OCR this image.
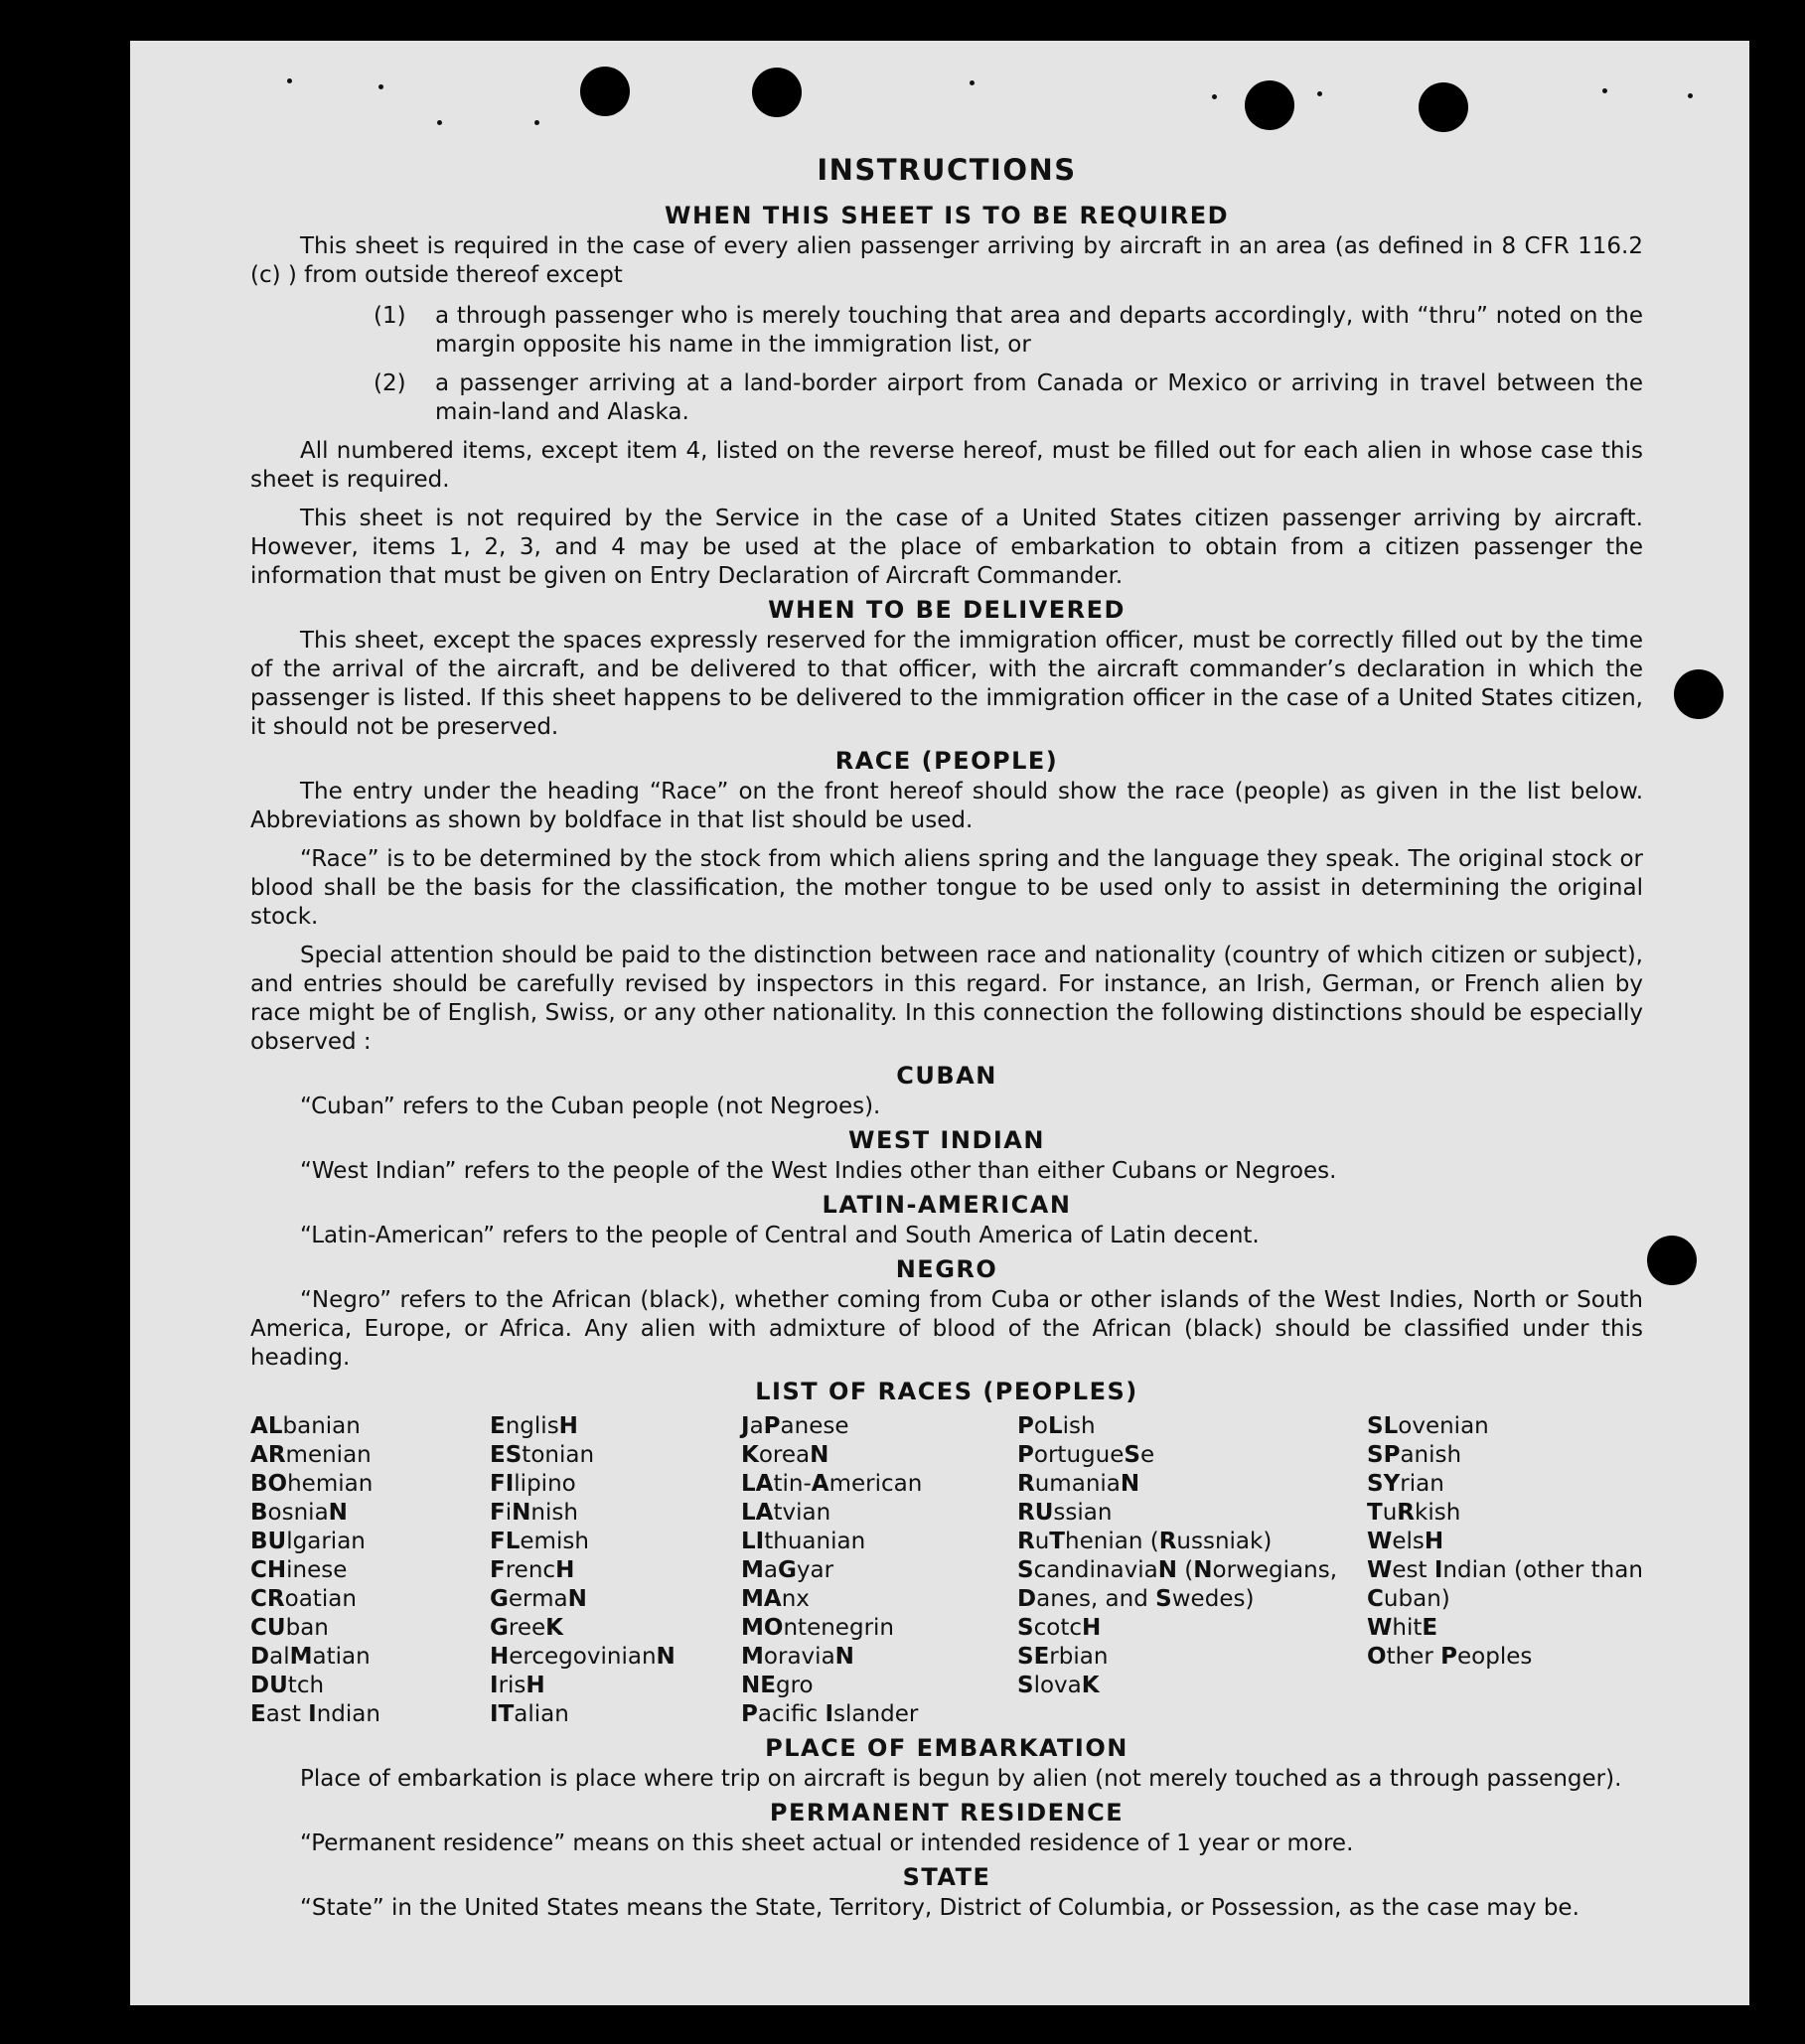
INSTRUCTIONS
WHEN THIS SHEET IS TO BE REQUIRED

This sheet is required in the case of every alien passenger arriving by aircraft in an area (as defined in 8 CFR 116.2 (c) ) from outside thereof except

(1)	a through passenger who is merely touching that area and departs accordingly, with “thru” noted on the margin opposite his name in the immigration list, or
(2)	a passenger arriving at a land-border airport from Canada or Mexico or arriving in travel between the main-land and Alaska.

All numbered items, except item 4, listed on the reverse hereof, must be filled out for each alien in whose case this sheet is required.

This sheet is not required by the Service in the case of a United States citizen passenger arriving by aircraft. However, items 1, 2, 3, and 4 may be used at the place of embarkation to obtain from a citizen passenger the information that must be given on Entry Declaration of Aircraft Commander.

WHEN TO BE DELIVERED

This sheet, except the spaces expressly reserved for the immigration officer, must be correctly filled out by the time of the arrival of the aircraft, and be delivered to that officer, with the aircraft commander’s declaration in which the passenger is listed. If this sheet happens to be delivered to the immigration officer in the case of a United States citizen, it should not be preserved.

RACE (PEOPLE)

The entry under the heading “Race” on the front hereof should show the race (people) as given in the list below. Abbreviations as shown by boldface in that list should be used.

“Race” is to be determined by the stock from which aliens spring and the language they speak. The original stock or blood shall be the basis for the classification, the mother tongue to be used only to assist in determining the original stock.

Special attention should be paid to the distinction between race and nationality (country of which citizen or subject), and entries should be carefully revised by inspectors in this regard. For instance, an Irish, German, or French alien by race might be of English, Swiss, or any other nationality. In this connection the following distinctions should be especially observed :

CUBAN

“Cuban” refers to the Cuban people (not Negroes).

WEST INDIAN

“West Indian” refers to the people of the West Indies other than either Cubans or Negroes.

LATIN-AMERICAN

“Latin-American” refers to the people of Central and South America of Latin decent.

NEGRO

“Negro” refers to the African (black), whether coming from Cuba or other islands of the West Indies, North or South America, Europe, or Africa. Any alien with admixture of blood of the African (black) should be classified under this heading.

LIST OF RACES (PEOPLES)
ALbanian
ARmenian
BOhemian
BosniaN
BUlgarian
CHinese
CRoatian
CUban
DalMatian
DUtch
East Indian
EnglisH
EStonian
FIlipino
FiNnish
FLemish
FrencH
GermaN
GreeK
HercegovinianN
IrisH
ITalian
JaPanese
KoreaN
LAtin-American
LAtvian
LIthuanian
MaGyar
MAnx
MOntenegrin
MoraviaN
NEgro
Pacifc Islander
PoLish
PortugueSe
RumaniaN
RUssian
RuThenian (Russniak)
ScandinaviaN (Norwegians, Danes, and Swedes)
ScotcH
SErbian
SlovaK
SLovenian
SPanish
SYrian
TuRkish
WelsH
West Indian (other than Cuban)
WhitE
Other Peoples
PLACE OF EMBARKATION

Place of embarkation is place where trip on aircraft is begun by alien (not merely touched as a through passenger).

PERMANENT RESIDENCE

“Permanent residence” means on this sheet actual or intended residence of 1 year or more.

STATE

“State” in the United States means the State, Territory, District of Columbia, or Possession, as the case may be.
